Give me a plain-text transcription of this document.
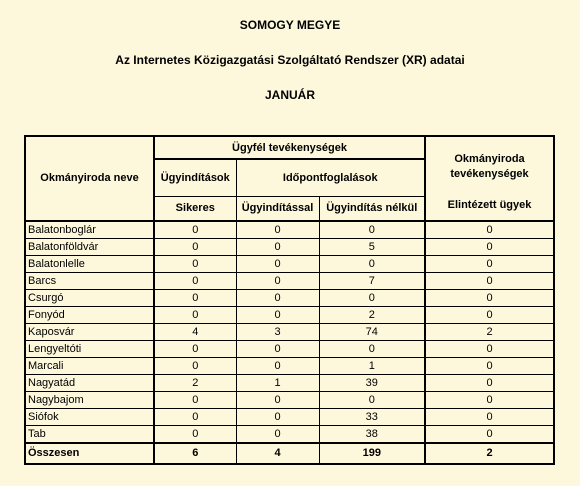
SOMOGY MEGYE
Az Internetes Közigazgatási Szolgáltató Rendszer (XR) adatai
JANUÁR
Okmányiroda neve	Ügyfél tevékenységek			Okmányiroda tevékenységek
	Ügyindítások	Időpontfoglalások		
	Sikeres	Ügyindítással	Ügyindítás nélkül	Elintézett ügyek
Balatonboglár	0	0	0	0
Balatonföldvár	0	0	5	0
Balatonlelle	0	0	0	0
Barcs	0	0	7	0
Csurgó	0	0	0	0
Fonyód	0	0	2	0
Kaposvár	4	3	74	2
Lengyeltóti	0	0	0	0
Marcali	0	0	1	0
Nagyatád	2	1	39	0
Nagybajom	0	0	0	0
Siófok	0	0	33	0
Tab	0	0	38	0
Összesen	6	4	199	2
